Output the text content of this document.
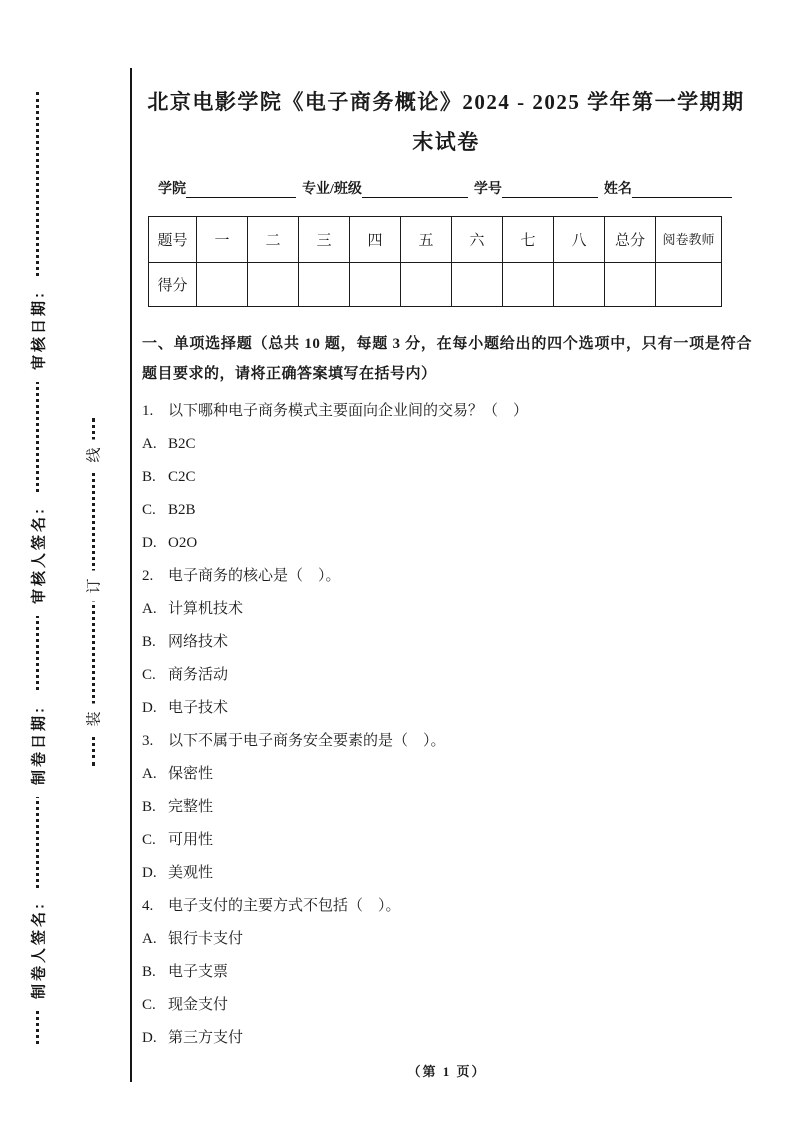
审核日期:
审核人签名:
制卷日期:
制卷人签名:
线
订
装
北京电影学院《电子商务概论》2024 - 2025 学年第一学期期末试卷
学院	专业/班级	学号	姓名
题号	一	二	三	四	五	六	七	八	总分	阅卷教师
得分										

一、单项选择题（总共 10 题，每题 3 分，在每小题给出的四个选项中，只有一项是符合题目要求的，请将正确答案填写在括号内）

1. 以下哪种电子商务模式主要面向企业间的交易？（　）
A. B2C
B. C2C
C. B2B
D. O2O
2. 电子商务的核心是（　）。
A. 计算机技术
B. 网络技术
C. 商务活动
D. 电子技术
3. 以下不属于电子商务安全要素的是（　）。
A. 保密性
B. 完整性
C. 可用性
D. 美观性
4. 电子支付的主要方式不包括（　）。
A. 银行卡支付
B. 电子支票
C. 现金支付
D. 第三方支付
（第 1 页）
